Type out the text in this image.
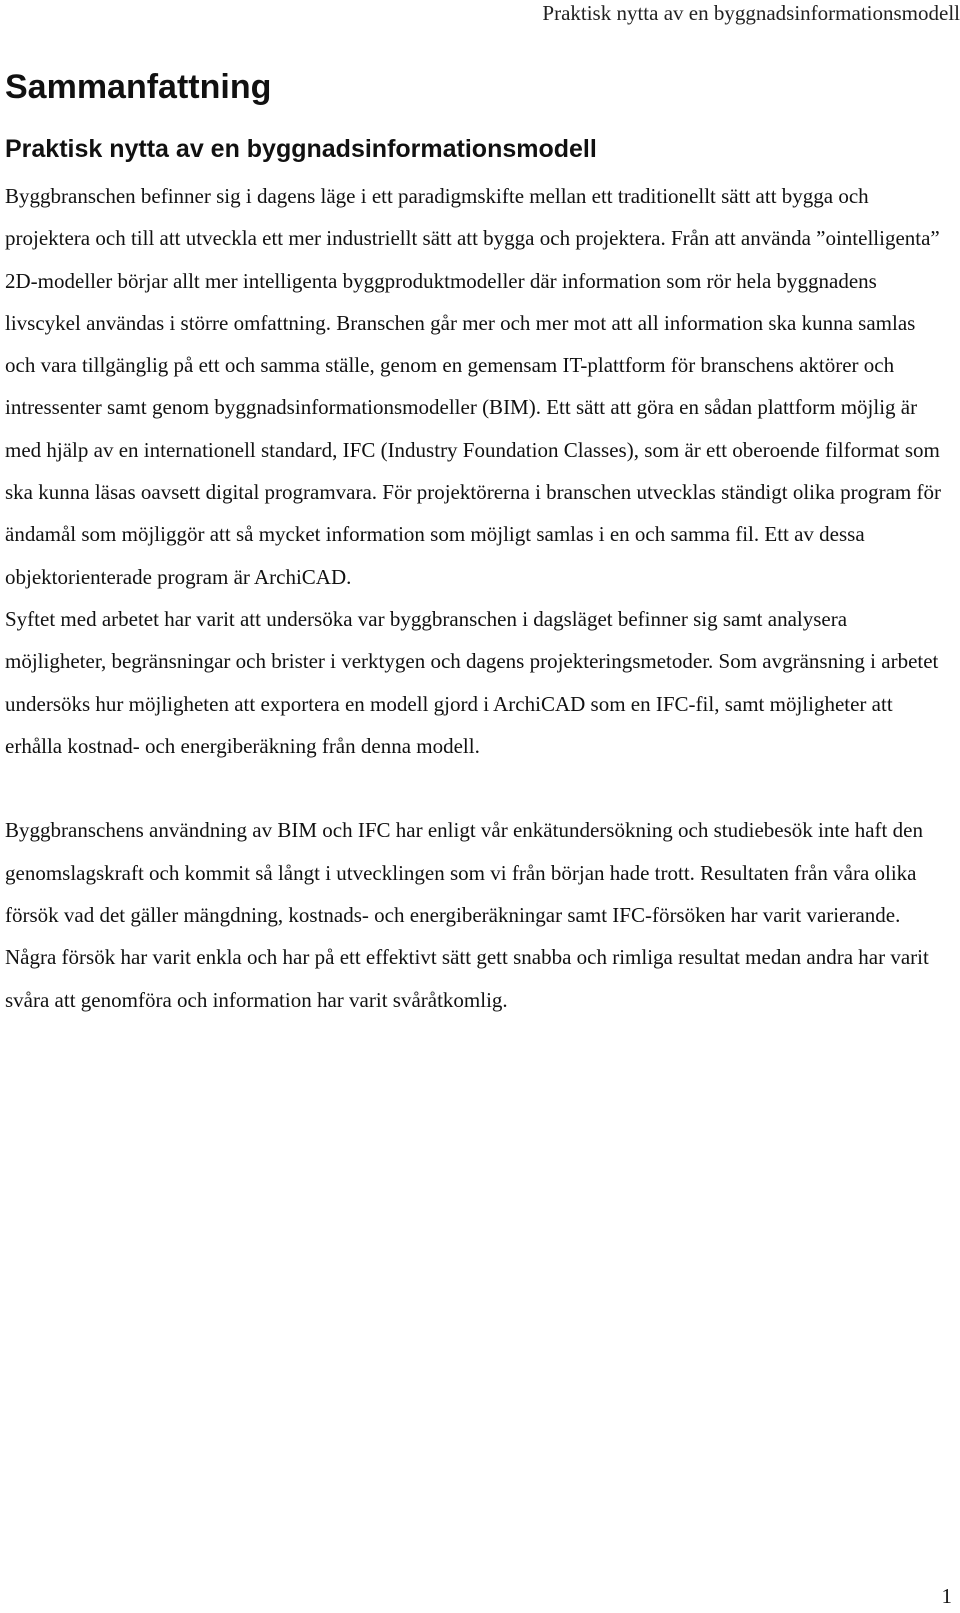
Praktisk nytta av en byggnadsinformationsmodell
Sammanfattning
Praktisk nytta av en byggnadsinformationsmodell

Byggbranschen befinner sig i dagens läge i ett paradigmskifte mellan ett traditionellt sätt att bygga och projektera och till att utveckla ett mer industriellt sätt att bygga och projektera. Från att använda ”ointelligenta” 2D-modeller börjar allt mer intelligenta byggproduktmodeller där information som rör hela byggnadens livscykel användas i större omfattning. Branschen går mer och mer mot att all information ska kunna samlas och vara tillgänglig på ett och samma ställe, genom en gemensam IT-plattform för branschens aktörer och intressenter samt genom byggnadsinformationsmodeller (BIM). Ett sätt att göra en sådan plattform möjlig är med hjälp av en internationell standard, IFC (Industry Foundation Classes), som är ett oberoende filformat som ska kunna läsas oavsett digital programvara. För projektörerna i branschen utvecklas ständigt olika program för ändamål som möjliggör att så mycket information som möjligt samlas i en och samma fil. Ett av dessa objektorienterade program är ArchiCAD.

Syftet med arbetet har varit att undersöka var byggbranschen i dagsläget befinner sig samt analysera möjligheter, begränsningar och brister i verktygen och dagens projekteringsmetoder. Som avgränsning i arbetet undersöks hur möjligheten att exportera en modell gjord i ArchiCAD som en IFC-fil, samt möjligheter att erhålla kostnad- och energiberäkning från denna modell.

Byggbranschens användning av BIM och IFC har enligt vår enkätundersökning och studiebesök inte haft den genomslagskraft och kommit så långt i utvecklingen som vi från början hade trott. Resultaten från våra olika försök vad det gäller mängdning, kostnads- och energiberäkningar samt IFC-försöken har varit varierande. Några försök har varit enkla och har på ett effektivt sätt gett snabba och rimliga resultat medan andra har varit svåra att genomföra och information har varit svåråtkomlig.

1
